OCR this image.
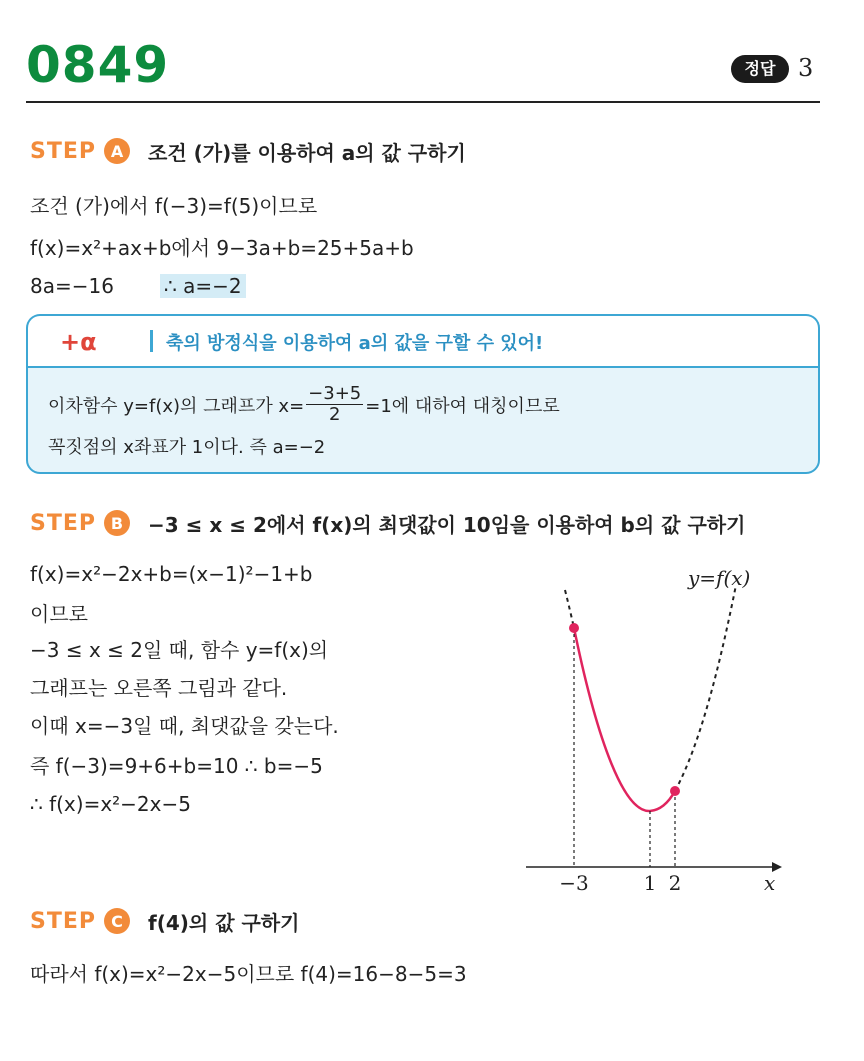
0849	정답 3
STEP A	조건 (가)를 이용하여 a의 값 구하기
조건 (가)에서 f(−3)=f(5)이므로
f(x)=x²+ax+b에서 9−3a+b=25+5a+b
8a=−16	∴ a=−2
+α	축의 방정식을 이용하여 a의 값을 구할 수 있어!
이차함수 y=f(x)의 그래프가 $x= \frac{-3+5}{2} =1$에 대하여 대칭이므로
꼭짓점의 x좌표가 1이다. 즉 a=−2
STEP B	−3 ≤ x ≤ 2에서 f(x)의 최댓값이 10임을 이용하여 b의 값 구하기
f(x)=x²−2x+b=(x−1)²−1+b
이므로
−3 ≤ x ≤ 2일 때, 함수 y=f(x)의
그래프는 오른쪽 그림과 같다.
이때 x=−3일 때, 최댓값을 갖는다.
즉 f(−3)=9+6+b=10 ∴ b=−5
∴ f(x)=x²−2x−5
y=f(x)
x
−3	1 2
STEP C	f(4)의 값 구하기
따라서 f(x)=x²−2x−5이므로 f(4)=16−8−5=3
